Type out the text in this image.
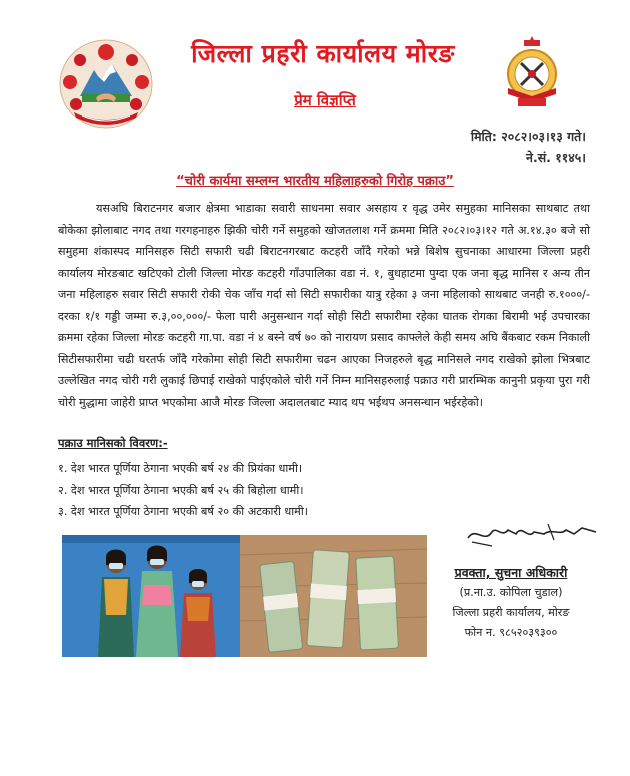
जिल्ला प्रहरी कार्यालय मोरङ
प्रेम विज्ञप्ति
मिति: २०८२।०३।१३ गते।
ने.सं. ११४५।
“चोरी कार्यमा सम्लग्न भारतीय महिलाहरुको गिरोह पक्राउ”
यसअघि बिराटनगर बजार क्षेत्रमा भाडाका सवारी साधनमा सवार असहाय र वृद्ध उमेर समुहका मानिसका साथबाट तथा बोकेका झोलाबाट नगद तथा गरगहनाहरु झिकी चोरी गर्ने समुहको खोजतलाश गर्ने क्रममा मिति २०८२।०३।१२ गते अ.१४.३० बजे सो समुहमा शंकास्पद मानिसहरु सिटी सफारी चढी बिराटनगरबाट कटहरी जाँदै गरेको भन्ने बिशेष सुचनाका आधारमा जिल्ला प्रहरी कार्यालय मोरङबाट खटिएको टोली जिल्ला मोरङ कटहरी गाँउपालिका वडा नं. १, बुधहाटमा पुग्दा एक जना बृद्ध मानिस र अन्य तीन जना महिलाहरु सवार सिटी सफारी रोकी चेक जाँच गर्दा सो सिटी सफारीका यात्रु रहेका ३ जना महिलाको साथबाट जनही रु.१०००/- दरका १/१ गड्डी जम्मा रु.३,००,०००/- फेला पारी अनुसन्धान गर्दा सोही सिटी सफारीमा रहेका घातक रोगका बिरामी भई उपचारका क्रममा रहेका जिल्ला मोरङ कटहरी गा.पा. वडा नं ४ बस्ने वर्ष ७० को नारायण प्रसाद काफ्लेले केही समय अघि बैंकबाट रकम निकाली सिटीसफारीमा चढी घरतर्फ जाँदै गरेकोमा सोही सिटी सफारीमा चढन आएका निजहरुले बृद्ध मानिसले नगद राखेको झोला भित्रबाट उल्लेखित नगद चोरी गरी लुकाई छिपाई राखेको पाईएकोले चोरी गर्ने निम्न मानिसहरुलाई पक्राउ गरी प्रारम्भिक कानुनी प्रकृया पुरा गरी चोरी मुद्धामा जाहेरी प्राप्त भएकोमा आजै मोरङ जिल्ला अदालतबाट म्याद थप भईथप अनसन्धान भईरहेको।
पक्राउ मानिसको विवरण:-
१. देश भारत पूर्णिया ठेगाना भएकी बर्ष २४ की प्रियंका धामी।
२. देश भारत पूर्णिया ठेगाना भएकी बर्ष २५ की बिहोला धामी।
३. देश भारत पूर्णिया ठेगाना भएकी बर्ष २० की अटकारी धामी।
प्रवक्ता, सुचना अधिकारी
(प्र.ना.उ. कोपिला चुडाल)
जिल्ला प्रहरी कार्यालय, मोरङ
फोन न. ९८५२०३९३००
